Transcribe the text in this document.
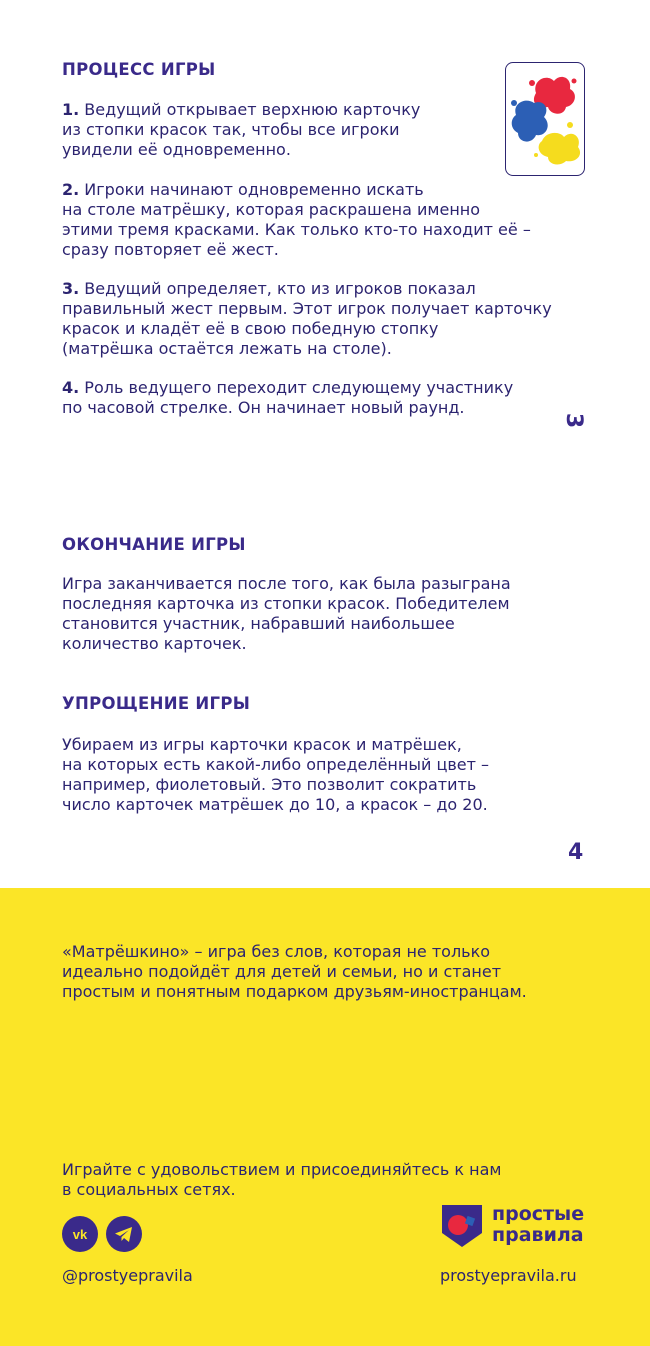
ПРОЦЕСС ИГРЫ

1. Ведущий открывает верхнюю карточку
из стопки красок так, чтобы все игроки
увидели её одновременно.

2. Игроки начинают одновременно искать
на столе матрёшку, которая раскрашена именно
этими тремя красками. Как только кто-то находит её –
сразу повторяет её жест.

3. Ведущий определяет, кто из игроков показал
правильный жест первым. Этот игрок получает карточку
красок и кладёт её в свою победную стопку
(матрёшка остаётся лежать на столе).

4. Роль ведущего переходит следующему участнику
по часовой стрелке. Он начинает новый раунд.

3
ОКОНЧАНИЕ ИГРЫ

Игра заканчивается после того, как была разыграна
последняя карточка из стопки красок. Победителем
становится участник, набравший наибольшее
количество карточек.

УПРОЩЕНИЕ ИГРЫ

Убираем из игры карточки красок и матрёшек,
на которых есть какой-либо определённый цвет –
например, фиолетовый. Это позволит сократить
число карточек матрёшек до 10, а красок – до 20.

4

«Матрёшкино» – игра без слов, которая не только
идеально подойдёт для детей и семьи, но и станет
простым и понятным подарком друзьям-иностранцам.

Играйте с удовольствием и присоединяйтесь к нам
в социальных сетях.

vk
@prostyepravila
простые
правила
prostyepravila.ru
